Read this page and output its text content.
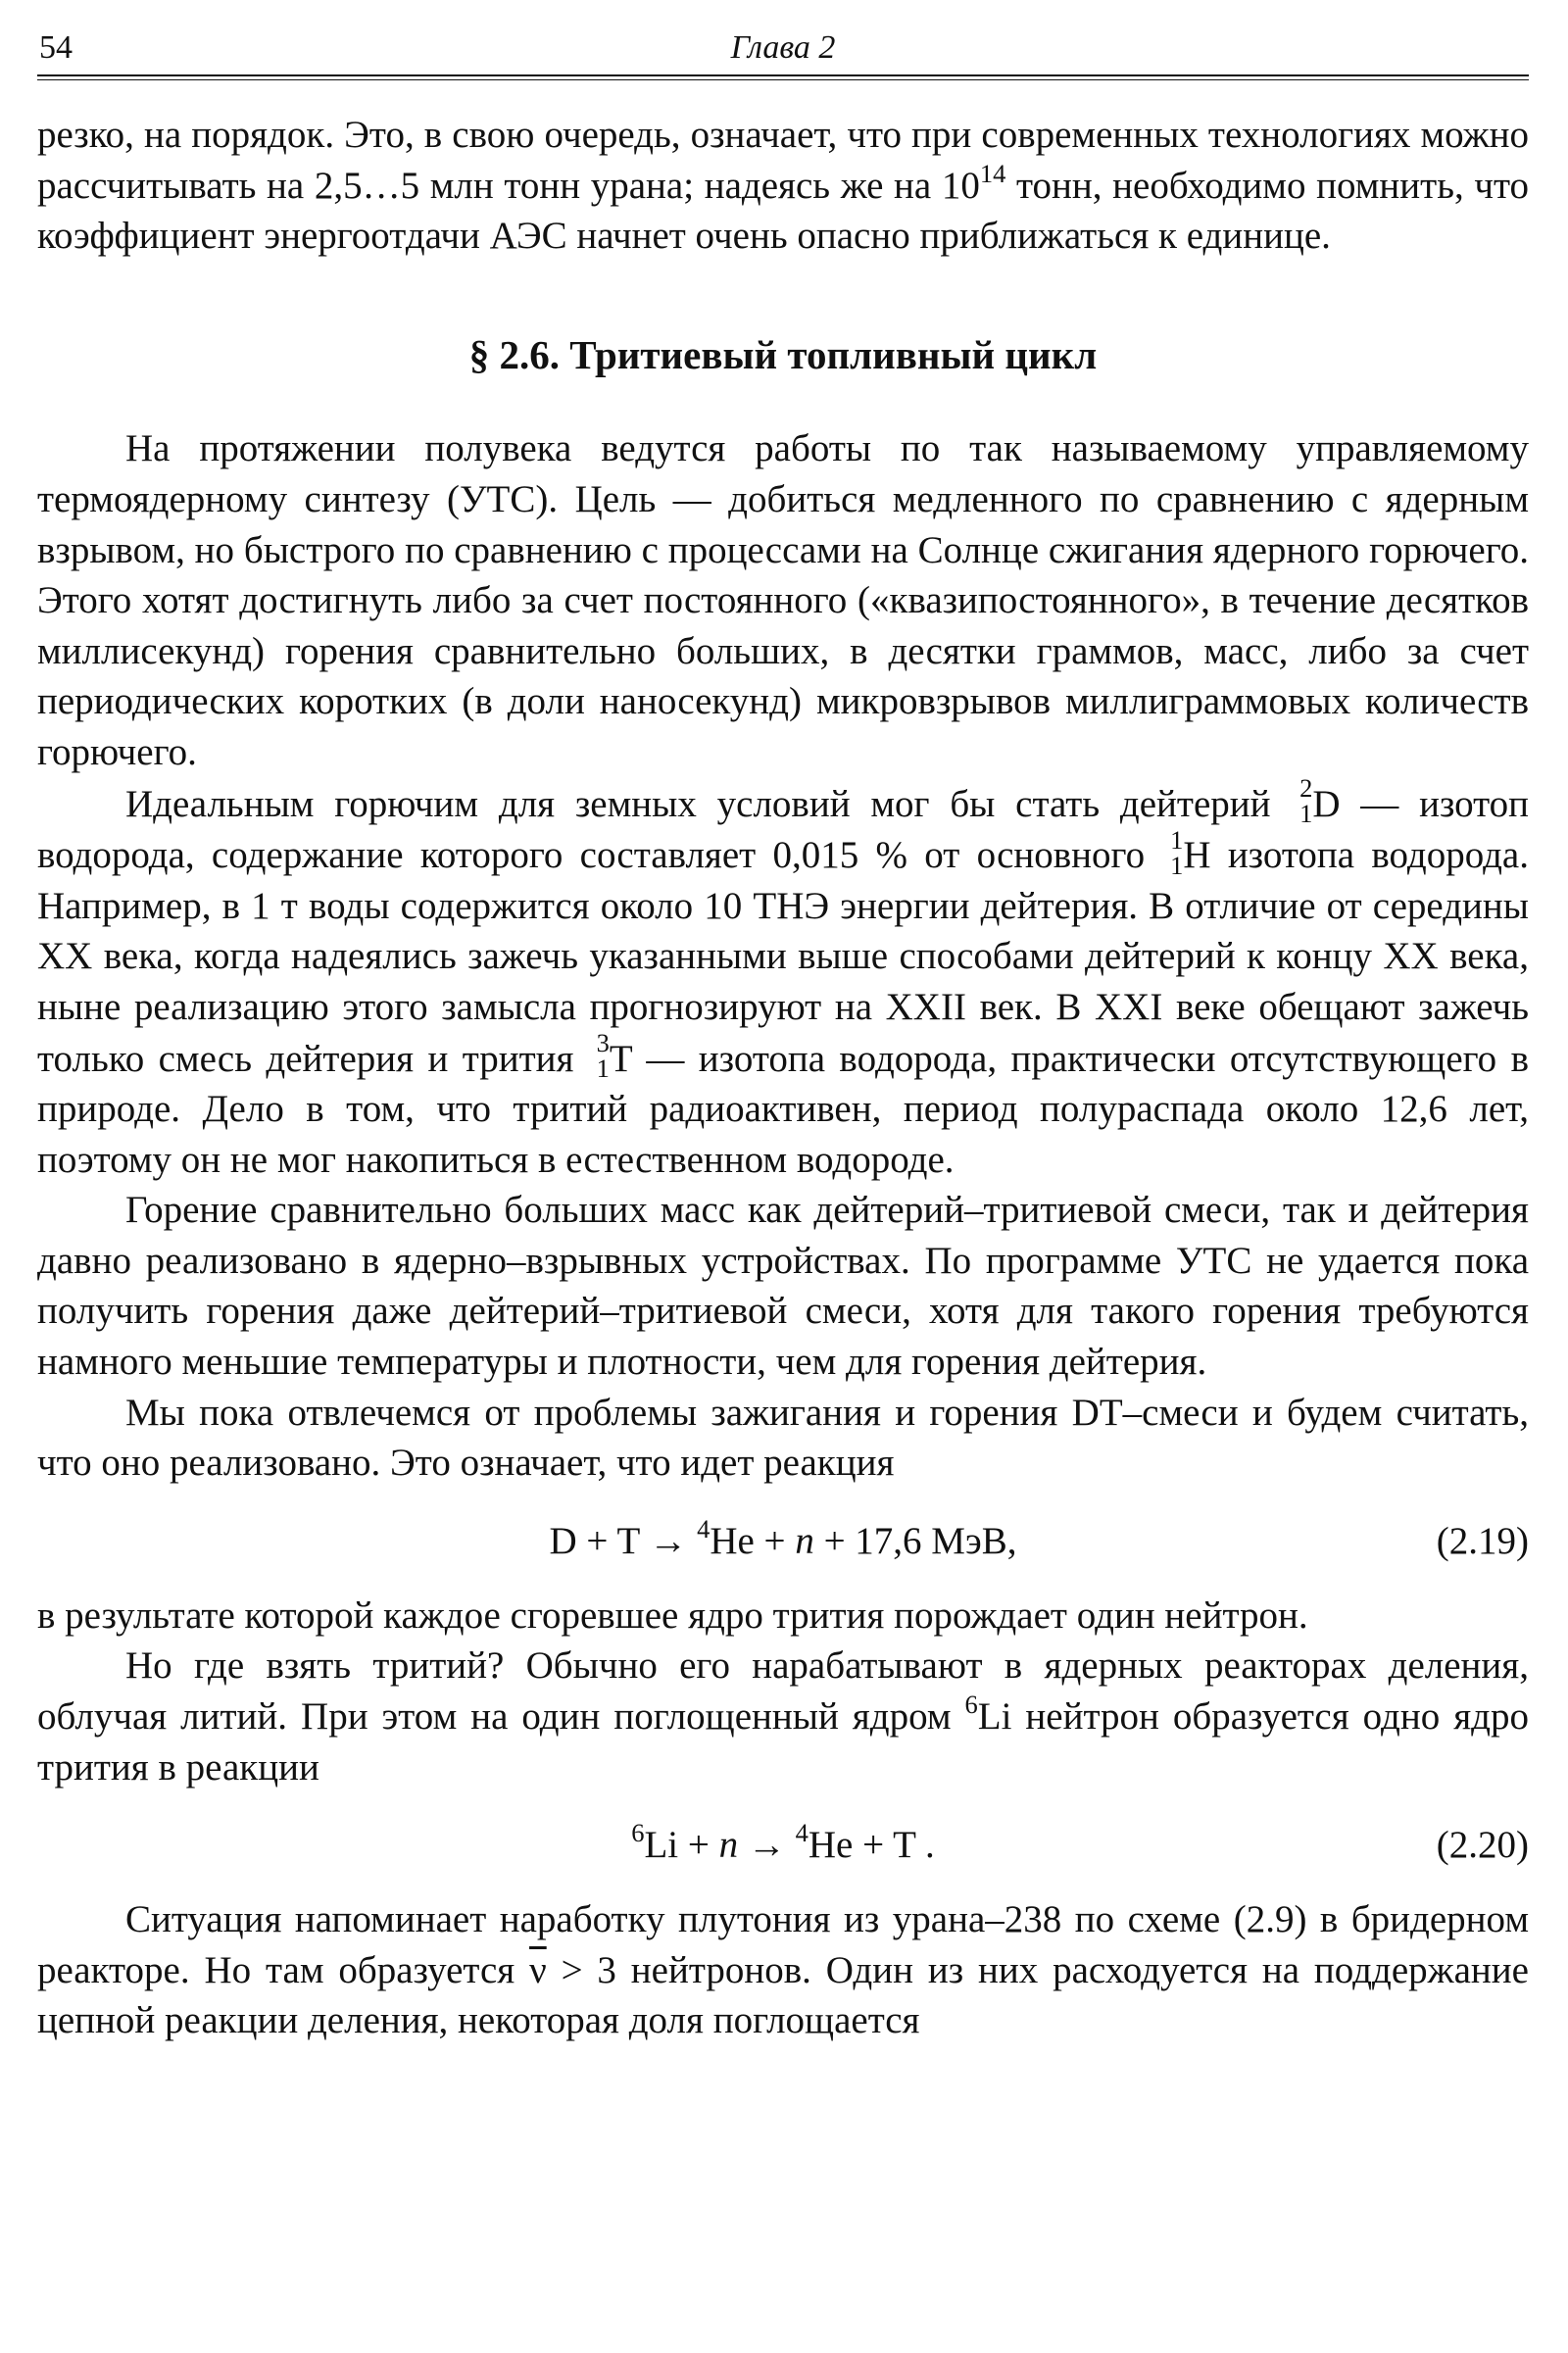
54	Глава 2

резко, на порядок. Это, в свою очередь, означает, что при современных технологиях можно рассчитывать на 2,5…5 млн тонн урана; надеясь же на $10^{14}$ тонн, необходимо помнить, что коэффициент энергоотдачи АЭС начнет очень опасно приближаться к единице.

§ 2.6. Тритиевый топливный цикл

На протяжении полувека ведутся работы по так называемому управляемому термоядерному синтезу (УТС). Цель — добиться медленного по сравнению с ядерным взрывом, но быстрого по сравнению с процессами на Солнце сжигания ядерного горючего. Этого хотят достигнуть либо за счет постоянного («квазипостоянного», в течение десятков миллисекунд) горения сравнительно больших, в десятки граммов, масс, либо за счет периодических коротких (в доли наносекунд) микровзрывов миллиграммовых количеств горючего.

Идеальным горючим для земных условий мог бы стать дейтерий 2
1 D — изотоп водорода, содержание которого составляет 0,015 % от основного 1
1 H изотопа водорода. Например, в 1 т воды содержится около 10 ТНЭ энергии дейтерия. В отличие от середины XX века, когда надеялись зажечь указанными выше способами дейтерий к концу XX века, ныне реализацию этого замысла прогнозируют на XXII век. В XXI веке обещают зажечь только смесь дейтерия и трития 3
1 T — изотопа водорода, практически отсутствующего в природе. Дело в том, что тритий радиоактивен, период полураспада около 12,6 лет, поэтому он не мог накопиться в естественном водороде.

Горение сравнительно больших масс как дейтерий–тритиевой смеси, так и дейтерия давно реализовано в ядерно–взрывных устройствах. По программе УТС не удается пока получить горения даже дейтерий–тритиевой смеси, хотя для такого горения требуются намного меньшие температуры и плотности, чем для горения дейтерия.

Мы пока отвлечемся от проблемы зажигания и горения DT–смеси и будем считать, что оно реализовано. Это означает, что идет реакция

D + T → $^4$He + n + 17,6 МэВ,	(2.19)

в результате которой каждое сгоревшее ядро трития порождает один нейтрон.

Но где взять тритий? Обычно его нарабатывают в ядерных реакторах деления, облучая литий. При этом на один поглощенный ядром $^6$Li нейтрон образуется одно ядро трития в реакции

$^6$Li + n → $^4$He + T .	(2.20)

Ситуация напоминает наработку плутония из урана–238 по схеме (2.9) в бридерном реакторе. Но там образуется $\overline{\nu} > 3$ нейтронов. Один из них расходуется на поддержание цепной реакции деления, некоторая доля поглощается
